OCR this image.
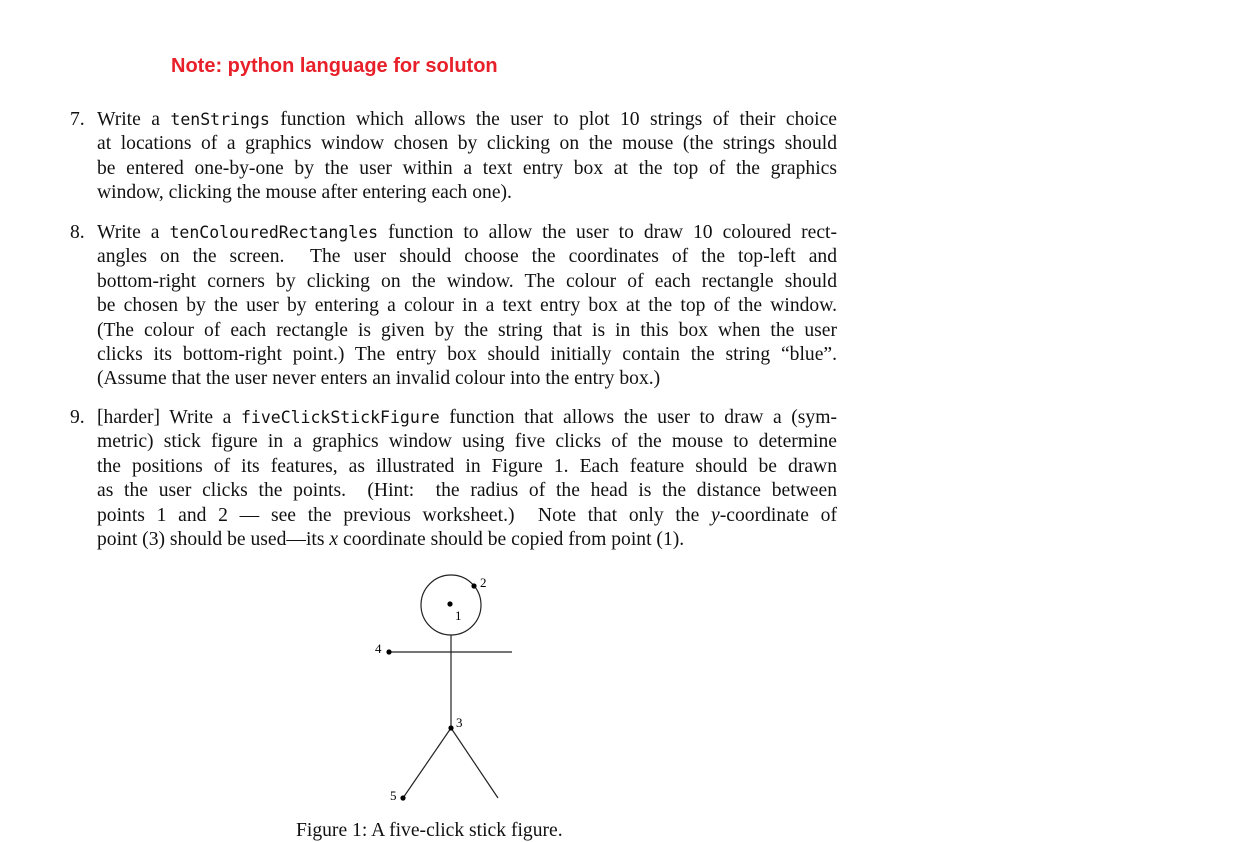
Note: python language for soluton
7. Write a tenStrings function which allows the user to plot 10 strings of their choice
at locations of a graphics window chosen by clicking on the mouse (the strings should
be entered one-by-one by the user within a text entry box at the top of the graphics
window, clicking the mouse after entering each one).
8. Write a tenColouredRectangles function to allow the user to draw 10 coloured rect-
angles on the screen.  The user should choose the coordinates of the top-left and
bottom-right corners by clicking on the window. The colour of each rectangle should
be chosen by the user by entering a colour in a text entry box at the top of the window.
(The colour of each rectangle is given by the string that is in this box when the user
clicks its bottom-right point.) The entry box should initially contain the string “blue”.
(Assume that the user never enters an invalid colour into the entry box.)
9. [harder] Write a fiveClickStickFigure function that allows the user to draw a (sym-
metric) stick figure in a graphics window using five clicks of the mouse to determine
the positions of its features, as illustrated in Figure 1. Each feature should be drawn
as the user clicks the points.  (Hint:  the radius of the head is the distance between
points 1 and 2 — see the previous worksheet.)  Note that only the y-coordinate of
point (3) should be used—its x coordinate should be copied from point (1).
1
2
3
4
5
Figure 1: A five-click stick figure.
